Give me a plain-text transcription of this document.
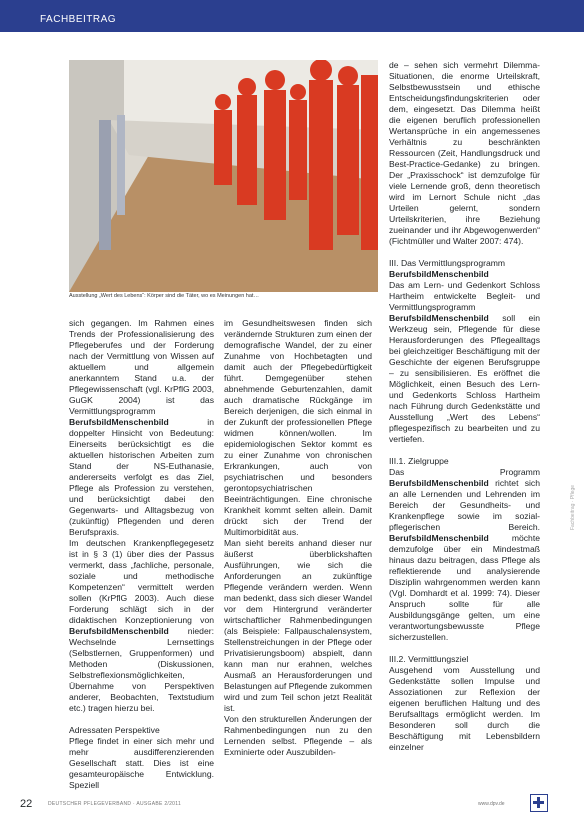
FACHBEITRAG
Ausstellung „Wert des Lebens“: Körper sind die Täter, wo es Meinungen hat…

sich gegangen. Im Rahmen eines Trends der Professionalisierung des Pflegeberufes und der Forderung nach der Vermittlung von Wissen auf aktuellem und allgemein anerkanntem Stand u.a. der Pflegewissenschaft (vgl. KrPflG 2003, GuGK 2004) ist das Vermittlungsprogramm BerufsbildMenschenbild	in doppelter Hinsicht von Bedeutung: Einerseits berücksichtigt es die aktuellen historischen Arbeiten zum Stand der NS-Euthanasie, andererseits verfolgt es das Ziel, Pflege als Profession zu verstehen, und berücksichtigt dabei den Gegenwarts- und Alltagsbezug von (zukünftig) Pflegenden und deren Berufspraxis.

Im deutschen Krankenpflegegesetz ist in § 3 (1) über dies der Passus vermerkt, dass „fachliche, personale, soziale und methodische Kompetenzen“ vermittelt werden sollen (KrPflG 2003). Auch diese Forderung schlägt sich in der didaktischen Konzeptionierung von BerufsbildMenschenbild nieder: Wechselnde Lernsettings (Selbstlernen, Gruppenformen) und Methoden (Diskussionen, Selbstreflexionsmöglichkeiten, Übernahme von Perspektiven anderer, Beobachten, Textstudium etc.) tragen hierzu bei.

Adressaten Perspektive

Pflege findet in einer sich mehr und mehr ausdifferenzierenden Gesellschaft statt. Dies ist eine gesamteuropäische Entwicklung. Speziell

im Gesundheitswesen finden sich verändernde Strukturen zum einen der demografische Wandel, der zu einer Zunahme von Hochbetagten und damit auch der Pflegebedürftigkeit führt. Demgegenüber stehen abnehmende Geburtenzahlen, damit auch dramatische Rückgänge im Bereich derjenigen, die sich einmal in der Zukunft der professionellen Pflege widmen können/wollen. Im epidemiologischen Sektor kommt es zu einer Zunahme von chronischen Erkrankungen, auch von psychiatrischen und besonders gerontopsychiatrischen Beeinträchtigungen. Eine chronische Krankheit kommt selten allein. Damit drückt sich der Trend der Multimorbidität aus.

Man sieht bereits anhand dieser nur äußerst überblickshaften Ausführungen, wie sich die Anforderungen an zukünftige Pflegende verändern werden. Wenn man bedenkt, dass sich dieser Wandel vor dem Hintergrund veränderter wirtschaftlicher Rahmenbedingungen (als Beispiele: Fallpauschalensystem, Stellenstreichungen in der Pflege oder Privatisierungsboom) abspielt, dann kann man nur erahnen, welches Ausmaß an Herausforderungen und Belastungen auf Pflegende zukommen wird und zum Teil schon jetzt Realität ist.

Von den strukturellen Änderungen der Rahmenbedingungen nun zu den Lernenden selbst. Pflegende – als Exminierte oder Auszubilden-

de – sehen sich vermehrt Dilemma-Situationen, die enorme Urteilskraft, Selbstbewusstsein und ethische Entscheidungsfindungskriterien oder dem, eingesetzt. Das Dilemma heißt die eigenen beruflich professionellen Wertansprüche in ein angemessenes Verhältnis zu beschränkten Ressourcen (Zeit, Handlungsdruck und Best-Practice-Gedanke) zu bringen. Der „Praxisschock“ ist demzufolge für viele Lernende groß, denn theoretisch wird im Lernort Schule nicht „das Urteilen gelernt, sondern Urteilskriterien, ihre Beziehung zueinander und ihr Abgewogenwerden“ (Fichtmüller und Walter 2007: 474).

III. Das Vermittlungsprogramm

BerufsbildMenschenbild

Das am Lern- und Gedenkort Schloss Hartheim entwickelte Begleit- und Vermittlungsprogramm BerufsbildMenschenbild soll ein Werkzeug sein, Pflegende für diese Herausforderungen des Pflegealltags bei gleichzeitiger Beschäftigung mit der Geschichte der eigenen Berufsgruppe – zu sensibilisieren. Es eröffnet die Möglichkeit, einen Besuch des Lern- und Gedenkorts Schloss Hartheim nach Führung durch Gedenkstätte und Ausstellung „Wert des Lebens“ pflegespezifisch zu bearbeiten und zu vertiefen.

III.1. Zielgruppe

Das Programm BerufsbildMenschenbild richtet sich an alle Lernenden und Lehrenden im Bereich der Gesundheits- und Krankenpflege sowie im sozial-pflegerischen Bereich. BerufsbildMenschenbild	möchte demzufolge über ein Mindestmaß hinaus dazu beitragen, dass Pflege als reflektierende und analysierende Disziplin wahrgenommen werden kann (Vgl. Domhardt et al. 1999: 74). Dieser Anspruch sollte für alle Ausbildungsgänge gelten, um eine verantwortungsbewusste Pflege sicherzustellen.

III.2. Vermittlungsziel

Ausgehend vom Ausstellung und Gedenkstätte sollen Impulse und Assoziationen zur Reflexion der eigenen beruflichen Haltung und des Berufsalltags ermöglicht werden. Im Besonderen soll durch die Beschäftigung mit Lebensbildern einzelner

Fachbeitrag · Pflege
22	DEUTSCHER PFLEGEVERBAND · AUSGABE 2/2011	www.dpv.de
